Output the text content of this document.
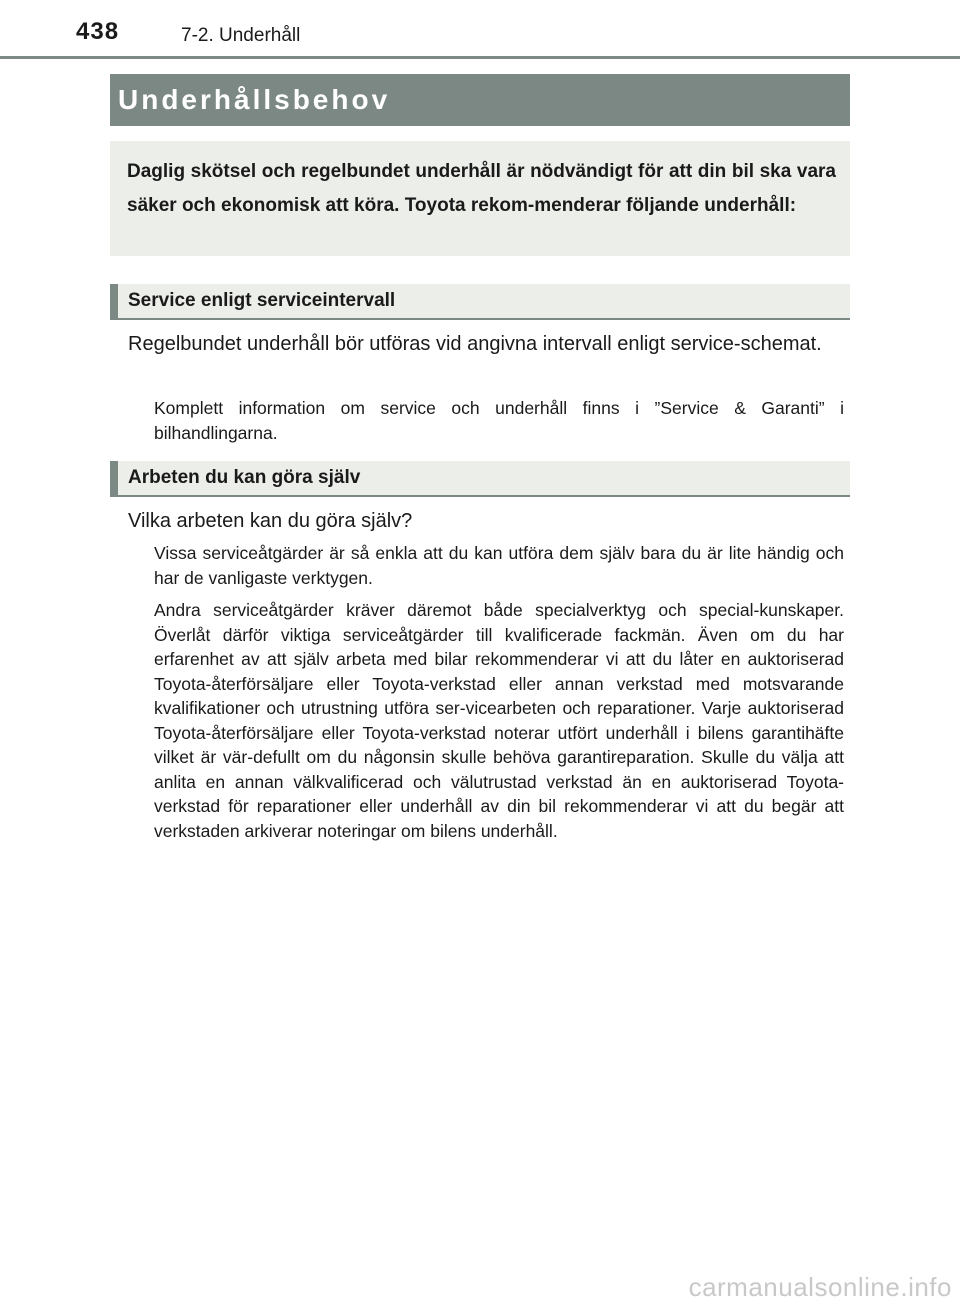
438	7-2. Underhåll
Underhållsbehov

Daglig skötsel och regelbundet underhåll är nödvändigt för att din bil ska vara säker och ekonomisk att köra. Toyota rekom-menderar följande underhåll:

Service enligt serviceintervall

Regelbundet underhåll bör utföras vid angivna intervall enligt service-schemat.

Komplett information om service och underhåll finns i ”Service & Garanti” i bilhandlingarna.

Arbeten du kan göra själv

Vilka arbeten kan du göra själv?

Vissa serviceåtgärder är så enkla att du kan utföra dem själv bara du är lite händig och har de vanligaste verktygen.

Andra serviceåtgärder kräver däremot både specialverktyg och special-kunskaper. Överlåt därför viktiga serviceåtgärder till kvalificerade fackmän. Även om du har erfarenhet av att själv arbeta med bilar rekommenderar vi att du låter en auktoriserad Toyota-återförsäljare eller Toyota-verkstad eller annan verkstad med motsvarande kvalifikationer och utrustning utföra ser-vicearbeten och reparationer. Varje auktoriserad Toyota-återförsäljare eller Toyota-verkstad noterar utfört underhåll i bilens garantihäfte vilket är vär-defullt om du någonsin skulle behöva garantireparation. Skulle du välja att anlita en annan välkvalificerad och välutrustad verkstad än en auktoriserad Toyota-verkstad för reparationer eller underhåll av din bil rekommenderar vi att du begär att verkstaden arkiverar noteringar om bilens underhåll.

carmanualsonline.info
